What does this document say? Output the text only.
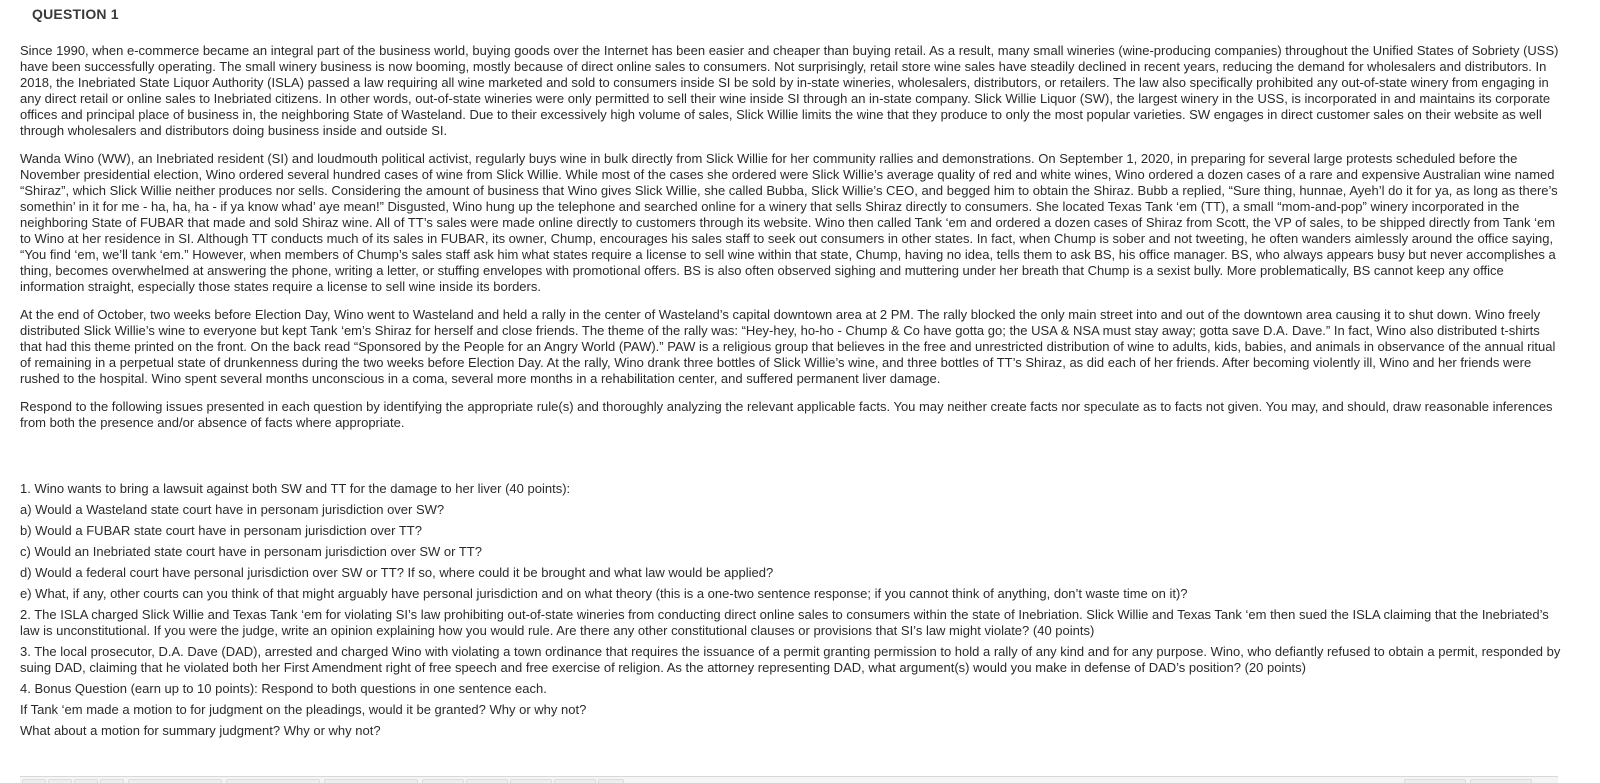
QUESTION 1

Since 1990, when e-commerce became an integral part of the business world, buying goods over the Internet has been easier and cheaper than buying retail. As a result, many small wineries (wine-producing companies) throughout the Unified States of Sobriety (USS) have been successfully operating. The small winery business is now booming, mostly because of direct online sales to consumers. Not surprisingly, retail store wine sales have steadily declined in recent years, reducing the demand for wholesalers and distributors. In 2018, the Inebriated State Liquor Authority (ISLA) passed a law requiring all wine marketed and sold to consumers inside SI be sold by in-state wineries, wholesalers, distributors, or retailers. The law also specifically prohibited any out-of-state winery from engaging in any direct retail or online sales to Inebriated citizens. In other words, out-of-state wineries were only permitted to sell their wine inside SI through an in-state company. Slick Willie Liquor (SW), the largest winery in the USS, is incorporated in and maintains its corporate offices and principal place of business in, the neighboring State of Wasteland. Due to their excessively high volume of sales, Slick Willie limits the wine that they produce to only the most popular varieties. SW engages in direct customer sales on their website as well through wholesalers and distributors doing business inside and outside SI.

Wanda Wino (WW), an Inebriated resident (SI) and loudmouth political activist, regularly buys wine in bulk directly from Slick Willie for her community rallies and demonstrations. On September 1, 2020, in preparing for several large protests scheduled before the November presidential election, Wino ordered several hundred cases of wine from Slick Willie. While most of the cases she ordered were Slick Willie’s average quality of red and white wines, Wino ordered a dozen cases of a rare and expensive Australian wine named “Shiraz”, which Slick Willie neither produces nor sells. Considering the amount of business that Wino gives Slick Willie, she called Bubba, Slick Willie’s CEO, and begged him to obtain the Shiraz. Bubb a replied, “Sure thing, hunnae, Ayeh’l do it for ya, as long as there’s somethin’ in it for me - ha, ha, ha - if ya know whad’ aye mean!” Disgusted, Wino hung up the telephone and searched online for a winery that sells Shiraz directly to consumers. She located Texas Tank ‘em (TT), a small “mom-and-pop” winery incorporated in the neighboring State of FUBAR that made and sold Shiraz wine. All of TT’s sales were made online directly to customers through its website. Wino then called Tank ‘em and ordered a dozen cases of Shiraz from Scott, the VP of sales, to be shipped directly from Tank ‘em to Wino at her residence in SI. Although TT conducts much of its sales in FUBAR, its owner, Chump, encourages his sales staff to seek out consumers in other states. In fact, when Chump is sober and not tweeting, he often wanders aimlessly around the office saying, “You find ‘em, we’ll tank ‘em.” However, when members of Chump’s sales staff ask him what states require a license to sell wine within that state, Chump, having no idea, tells them to ask BS, his office manager. BS, who always appears busy but never accomplishes a thing, becomes overwhelmed at answering the phone, writing a letter, or stuffing envelopes with promotional offers. BS is also often observed sighing and muttering under her breath that Chump is a sexist bully. More problematically, BS cannot keep any office information straight, especially those states require a license to sell wine inside its borders.

At the end of October, two weeks before Election Day, Wino went to Wasteland and held a rally in the center of Wasteland’s capital downtown area at 2 PM. The rally blocked the only main street into and out of the downtown area causing it to shut down. Wino freely distributed Slick Willie’s wine to everyone but kept Tank ‘em’s Shiraz for herself and close friends. The theme of the rally was: “Hey-hey, ho-ho - Chump & Co have gotta go; the USA & NSA must stay away; gotta save D.A. Dave.” In fact, Wino also distributed t-shirts that had this theme printed on the front. On the back read “Sponsored by the People for an Angry World (PAW).” PAW is a religious group that believes in the free and unrestricted distribution of wine to adults, kids, babies, and animals in observance of the annual ritual of remaining in a perpetual state of drunkenness during the two weeks before Election Day. At the rally, Wino drank three bottles of Slick Willie’s wine, and three bottles of TT’s Shiraz, as did each of her friends. After becoming violently ill, Wino and her friends were rushed to the hospital. Wino spent several months unconscious in a coma, several more months in a rehabilitation center, and suffered permanent liver damage.

Respond to the following issues presented in each question by identifying the appropriate rule(s) and thoroughly analyzing the relevant applicable facts. You may neither create facts nor speculate as to facts not given. You may, and should, draw reasonable inferences from both the presence and/or absence of facts where appropriate.

1. Wino wants to bring a lawsuit against both SW and TT for the damage to her liver (40 points):

a) Would a Wasteland state court have in personam jurisdiction over SW?

b) Would a FUBAR state court have in personam jurisdiction over TT?

c) Would an Inebriated state court have in personam jurisdiction over SW or TT?

d) Would a federal court have personal jurisdiction over SW or TT? If so, where could it be brought and what law would be applied?

e) What, if any, other courts can you think of that might arguably have personal jurisdiction and on what theory (this is a one-two sentence response; if you cannot think of anything, don’t waste time on it)?

2. The ISLA charged Slick Willie and Texas Tank ‘em for violating SI’s law prohibiting out-of-state wineries from conducting direct online sales to consumers within the state of Inebriation. Slick Willie and Texas Tank ‘em then sued the ISLA claiming that the Inebriated’s law is unconstitutional. If you were the judge, write an opinion explaining how you would rule. Are there any other constitutional clauses or provisions that SI’s law might violate? (40 points)

3. The local prosecutor, D.A. Dave (DAD), arrested and charged Wino with violating a town ordinance that requires the issuance of a permit granting permission to hold a rally of any kind and for any purpose. Wino, who defiantly refused to obtain a permit, responded by suing DAD, claiming that he violated both her First Amendment right of free speech and free exercise of religion. As the attorney representing DAD, what argument(s) would you make in defense of DAD’s position? (20 points)

4. Bonus Question (earn up to 10 points): Respond to both questions in one sentence each.

If Tank ‘em made a motion to for judgment on the pleadings, would it be granted? Why or why not?

What about a motion for summary judgment? Why or why not?
